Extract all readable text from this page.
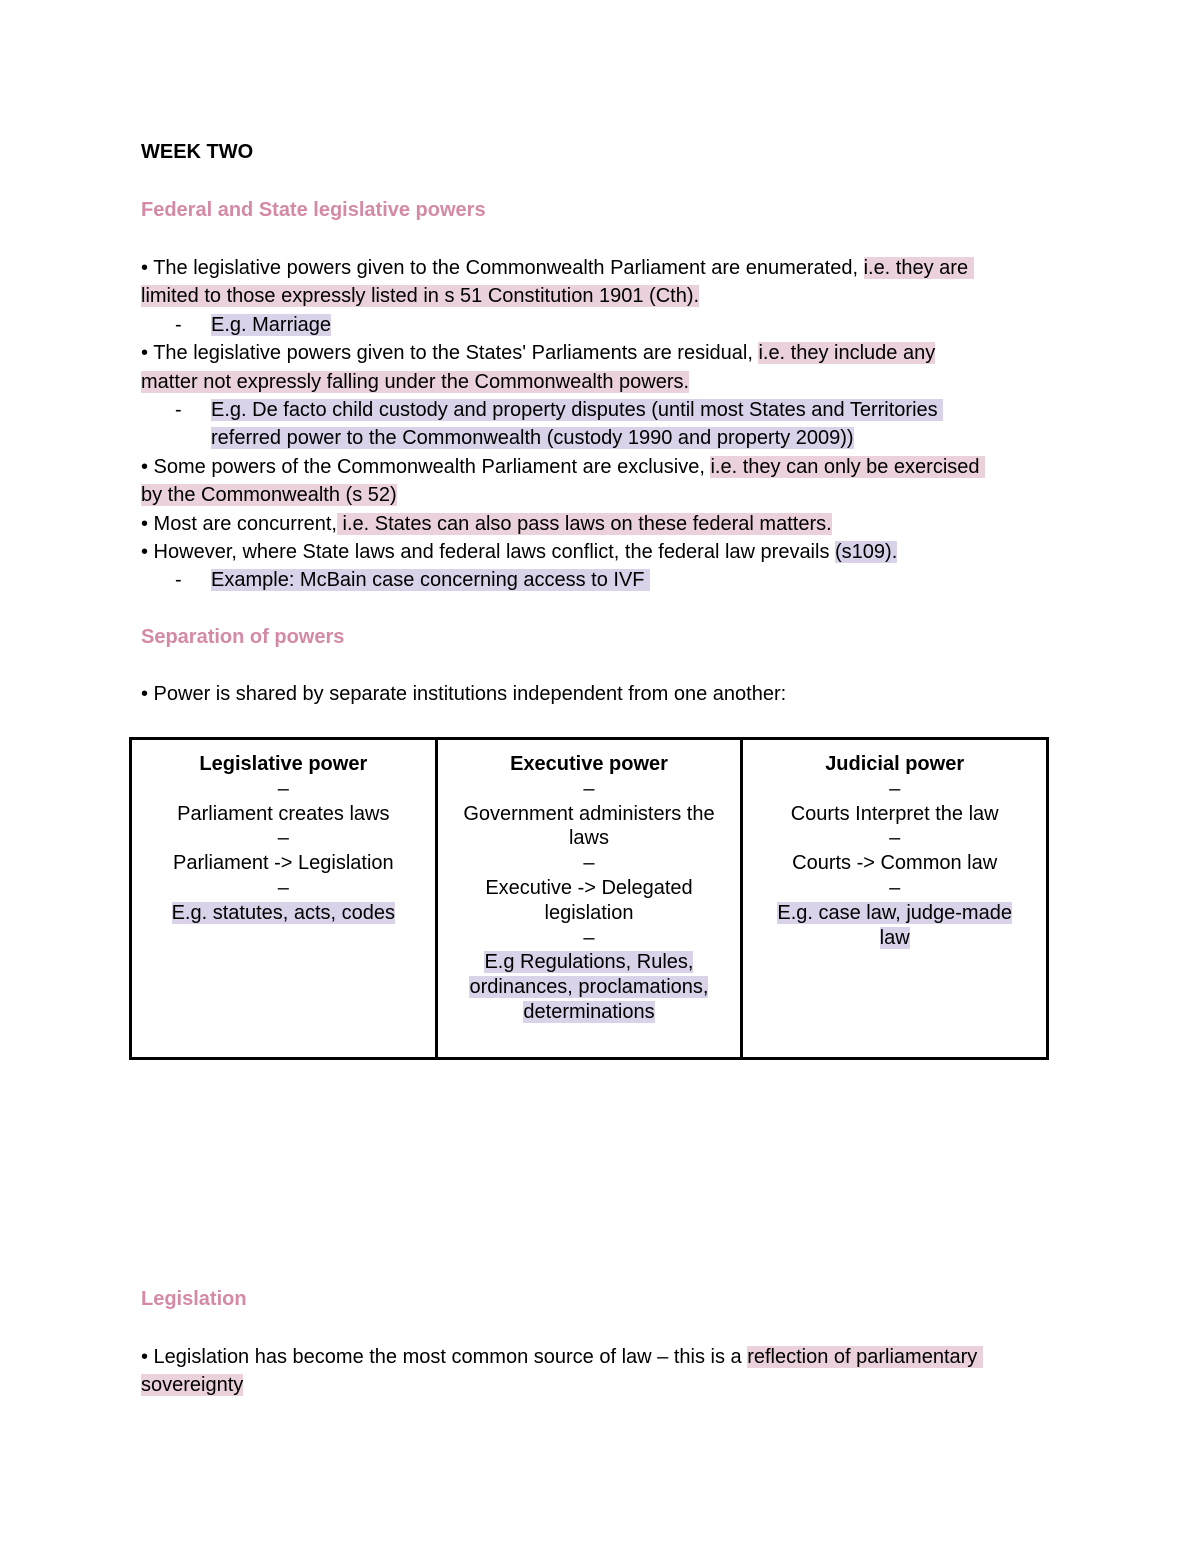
WEEK TWO
Federal and State legislative powers
• The legislative powers given to the Commonwealth Parliament are enumerated, i.e. they are
limited to those expressly listed in s 51 Constitution 1901 (Cth).
- E.g. Marriage
• The legislative powers given to the States' Parliaments are residual, i.e. they include any
matter not expressly falling under the Commonwealth powers.
- E.g. De facto child custody and property disputes (until most States and Territories
referred power to the Commonwealth (custody 1990 and property 2009))
• Some powers of the Commonwealth Parliament are exclusive, i.e. they can only be exercised
by the Commonwealth (s 52)
• Most are concurrent, i.e. States can also pass laws on these federal matters.
• However, where State laws and federal laws conflict, the federal law prevails (s109).
- Example: McBain case concerning access to IVF
Separation of powers
• Power is shared by separate institutions independent from one another:
Legislative power
–
Parliament creates laws
–
Parliament -> Legislation
–
E.g. statutes, acts, codes

Executive power
–
Government administers the
laws
–
Executive -> Delegated
legislation
–
E.g Regulations, Rules,
ordinances, proclamations,
determinations

Judicial power
–
Courts Interpret the law
–
Courts -> Common law
–
E.g. case law, judge-made
law
Legislation
• Legislation has become the most common source of law – this is a reflection of parliamentary
sovereignty
